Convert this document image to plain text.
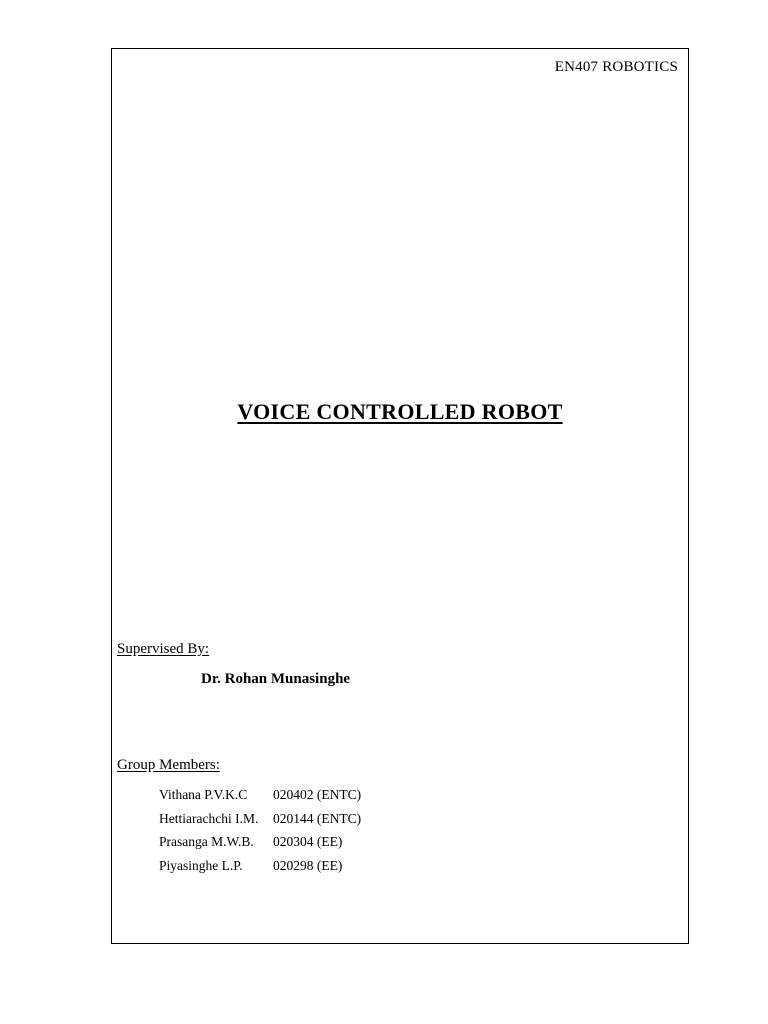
EN407 ROBOTICS
VOICE CONTROLLED ROBOT
Supervised By:
Dr. Rohan Munasinghe
Group Members:
Vithana P.V.K.C	020402 (ENTC)
Hettiarachchi I.M.	020144 (ENTC)
Prasanga M.W.B.	020304 (EE)
Piyasinghe L.P.	020298 (EE)
